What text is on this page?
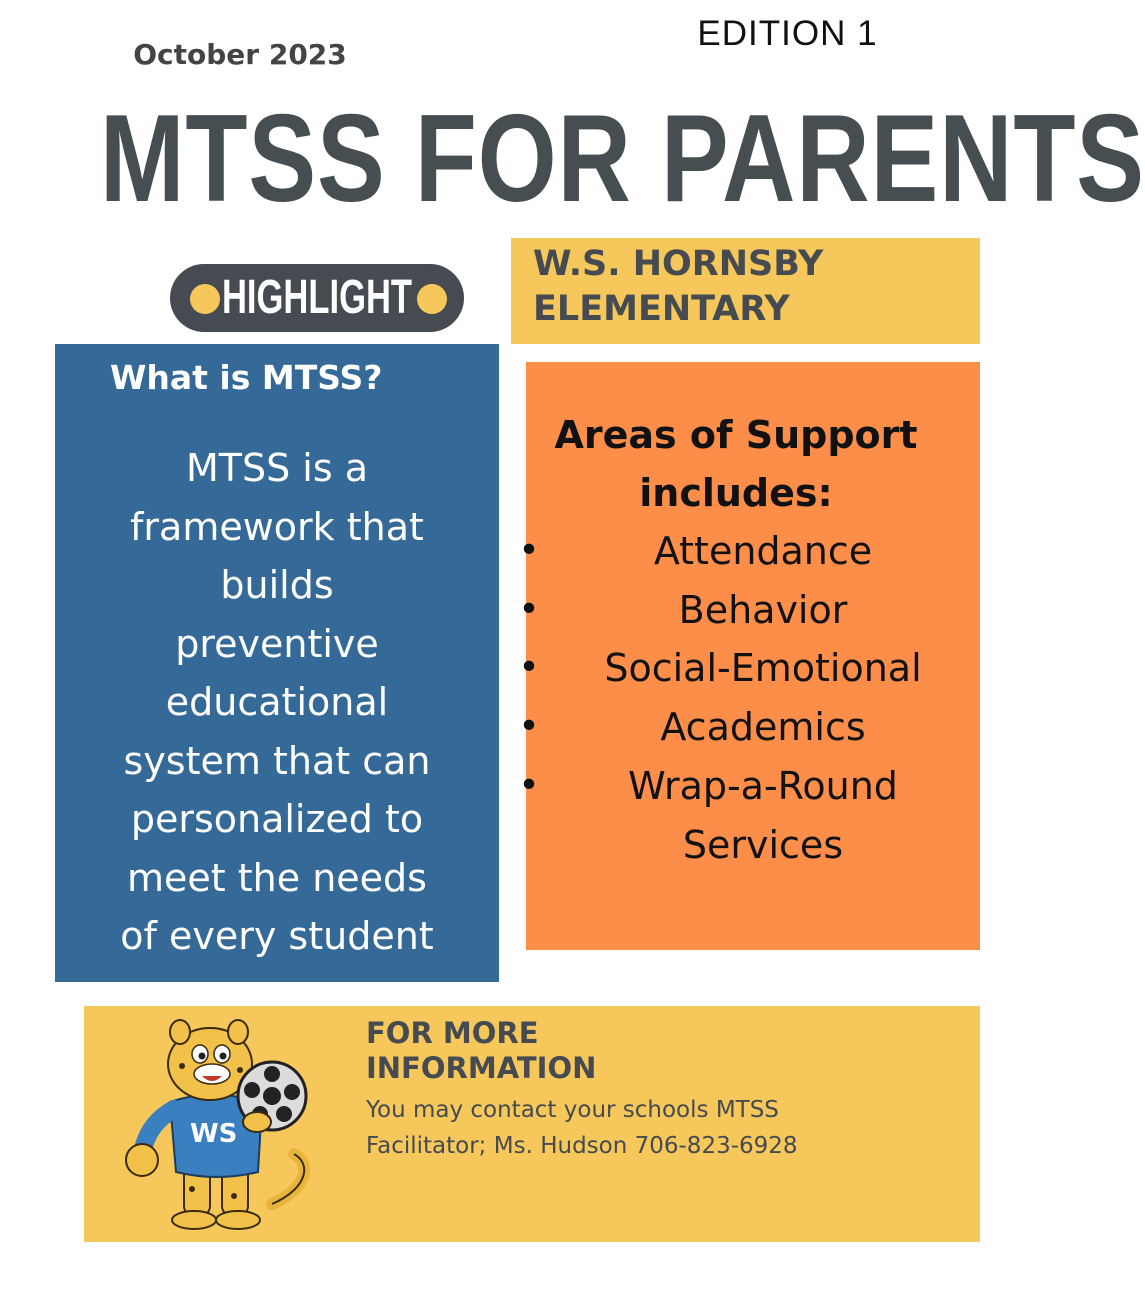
EDITION 1
October 2023
MTSS FOR PARENTS
HIGHLIGHT
W.S. HORNSBY
ELEMENTARY
What is MTSS?
MTSS is a
framework that
builds
preventive
educational
system that can
personalized to
meet the needs
of every student
Areas of Support
includes:
•	Attendance
•	Behavior
•	Social-Emotional
•	Academics
•	Wrap-a-Round Services
WS
FOR MORE
INFORMATION
You may contact your schools MTSS
Facilitator; Ms. Hudson 706-823-6928
